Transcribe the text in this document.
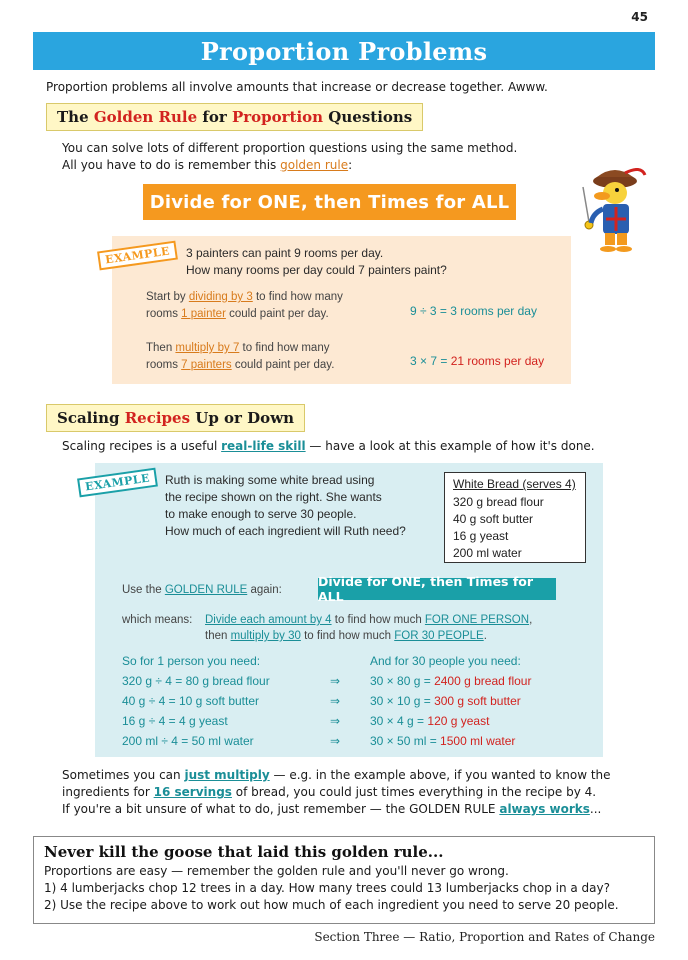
45
Proportion Problems
Proportion problems all involve amounts that increase or decrease together. Awww.
The Golden Rule for Proportion Questions
You can solve lots of different proportion questions using the same method.
All you have to do is remember this golden rule:
Divide for ONE, then Times for ALL
EXAMPLE	3 painters can paint 9 rooms per day.
How many rooms per day could 7 painters paint?
Start by dividing by 3 to find how many
rooms 1 painter could paint per day.	9 ÷ 3 = 3 rooms per day
Then multiply by 7 to find how many
rooms 7 painters could paint per day.	3 × 7 = 21 rooms per day
Scaling Recipes Up or Down
Scaling recipes is a useful real-life skill — have a look at this example of how it's done.
EXAMPLE	Ruth is making some white bread using
the recipe shown on the right. She wants
to make enough to serve 30 people.
How much of each ingredient will Ruth need?
White Bread (serves 4)
320 g bread flour
40 g soft butter
16 g yeast
200 ml water
Use the GOLDEN RULE again:
Divide for ONE, then Times for ALL
which means: Divide each amount by 4 to find how much FOR ONE PERSON,
then multiply by 30 to find how much FOR 30 PEOPLE.
So for 1 person you need:	And for 30 people you need:
320 g ÷ 4 = 80 g bread flour	⇒ 30 × 80 g = 2400 g bread flour
40 g ÷ 4 = 10 g soft butter	⇒ 30 × 10 g = 300 g soft butter
16 g ÷ 4 = 4 g yeast	⇒ 30 × 4 g = 120 g yeast
200 ml ÷ 4 = 50 ml water	⇒ 30 × 50 ml = 1500 ml water
Sometimes you can just multiply — e.g. in the example above, if you wanted to know the
ingredients for 16 servings of bread, you could just times everything in the recipe by 4.
If you're a bit unsure of what to do, just remember — the GOLDEN RULE always works...
Never kill the goose that laid this golden rule...
Proportions are easy — remember the golden rule and you'll never go wrong.
1) 4 lumberjacks chop 12 trees in a day. How many trees could 13 lumberjacks chop in a day?
2) Use the recipe above to work out how much of each ingredient you need to serve 20 people.
Section Three — Ratio, Proportion and Rates of Change
